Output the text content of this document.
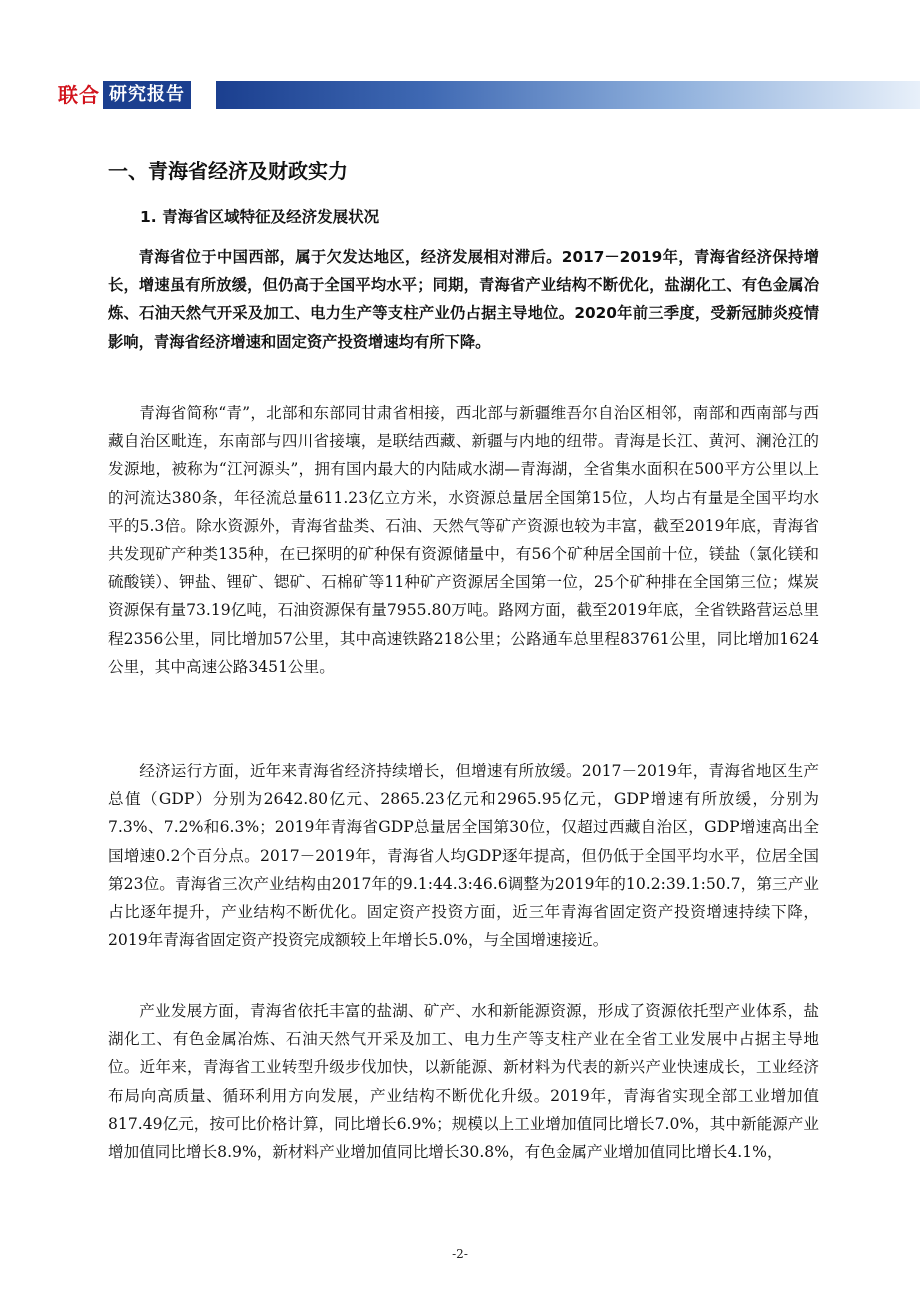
联合 研究报告
一、青海省经济及财政实力
1. 青海省区域特征及经济发展状况

青海省位于中国西部，属于欠发达地区，经济发展相对滞后。2017－2019年，青海省经济保持增长，增速虽有所放缓，但仍高于全国平均水平；同期，青海省产业结构不断优化，盐湖化工、有色金属冶炼、石油天然气开采及加工、电力生产等支柱产业仍占据主导地位。2020年前三季度，受新冠肺炎疫情影响，青海省经济增速和固定资产投资增速均有所下降。

青海省简称“青”，北部和东部同甘肃省相接，西北部与新疆维吾尔自治区相邻，南部和西南部与西藏自治区毗连，东南部与四川省接壤，是联结西藏、新疆与内地的纽带。青海是长江、黄河、澜沧江的发源地，被称为“江河源头”，拥有国内最大的内陆咸水湖—青海湖，全省集水面积在500平方公里以上的河流达380条，年径流总量611.23亿立方米，水资源总量居全国第15位，人均占有量是全国平均水平的5.3倍。除水资源外，青海省盐类、石油、天然气等矿产资源也较为丰富，截至2019年底，青海省共发现矿产种类135种，在已探明的矿种保有资源储量中，有56个矿种居全国前十位，镁盐（氯化镁和硫酸镁）、钾盐、锂矿、锶矿、石棉矿等11种矿产资源居全国第一位，25个矿种排在全国第三位；煤炭资源保有量73.19亿吨，石油资源保有量7955.80万吨。路网方面，截至2019年底，全省铁路营运总里程2356公里，同比增加57公里，其中高速铁路218公里；公路通车总里程83761公里，同比增加1624公里，其中高速公路3451公里。

经济运行方面，近年来青海省经济持续增长，但增速有所放缓。2017－2019年，青海省地区生产总值（GDP）分别为2642.80亿元、2865.23亿元和2965.95亿元，GDP增速有所放缓，分别为7.3%、7.2%和6.3%；2019年青海省GDP总量居全国第30位，仅超过西藏自治区，GDP增速高出全国增速0.2个百分点。2017－2019年，青海省人均GDP逐年提高，但仍低于全国平均水平，位居全国第23位。青海省三次产业结构由2017年的9.1:44.3:46.6调整为2019年的10.2:39.1:50.7，第三产业占比逐年提升，产业结构不断优化。固定资产投资方面，近三年青海省固定资产投资增速持续下降，2019年青海省固定资产投资完成额较上年增长5.0%，与全国增速接近。

产业发展方面，青海省依托丰富的盐湖、矿产、水和新能源资源，形成了资源依托型产业体系，盐湖化工、有色金属冶炼、石油天然气开采及加工、电力生产等支柱产业在全省工业发展中占据主导地位。近年来，青海省工业转型升级步伐加快，以新能源、新材料为代表的新兴产业快速成长，工业经济布局向高质量、循环利用方向发展，产业结构不断优化升级。2019年，青海省实现全部工业增加值817.49亿元，按可比价格计算，同比增长6.9%；规模以上工业增加值同比增长7.0%，其中新能源产业增加值同比增长8.9%，新材料产业增加值同比增长30.8%，有色金属产业增加值同比增长4.1%，

-2-
